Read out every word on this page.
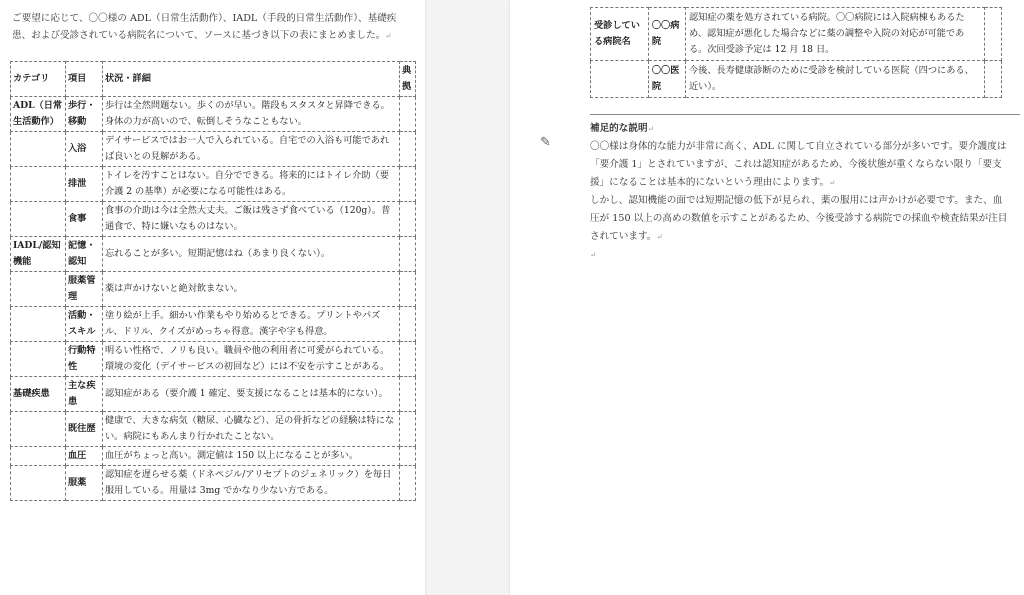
ご要望に応じて、〇〇様の ADL（日常生活動作）、IADL（手段的日常生活動作）、基礎疾患、および受診されている病院名について、ソースに基づき以下の表にまとめました。↵
カテゴリ	項目	状況・詳細	典拠
ADL（日常生活動作）	歩行・移動	歩行は全然問題ない。歩くのが早い。階段もスタスタと昇降できる。身体の力が高いので、転倒しそうなこともない。	
	入浴	デイサービスではお一人で入られている。自宅での入浴も可能であれば良いとの見解がある。	
	排泄	トイレを汚すことはない。自分でできる。将来的にはトイレ介助（要介護 2 の基準）が必要になる可能性はある。	
	食事	食事の介助は今は全然大丈夫。ご飯は残さず食べている（120g）。普通食で、特に嫌いなものはない。	
IADL/認知機能	記憶・認知	忘れることが多い。短期記憶はね（あまり良くない）。	
	服薬管理	薬は声かけないと絶対飲まない。	
	活動・スキル	塗り絵が上手。細かい作業もやり始めるとできる。プリントやパズル、ドリル、クイズがめっちゃ得意。漢字や字も得意。	
	行動特性	明るい性格で、ノリも良い。職員や他の利用者に可愛がられている。環境の変化（デイサービスの初回など）には不安を示すことがある。	
基礎疾患	主な疾患	認知症がある（要介護 1 確定、要支援になることは基本的にない）。	
	既往歴	健康で、大きな病気（糖尿、心臓など）、足の骨折などの経験は特にない。病院にもあんまり行かれたことない。	
	血圧	血圧がちょっと高い。測定値は 150 以上になることが多い。	
	服薬	認知症を遅らせる薬（ドネペジル/アリセプトのジェネリック）を毎日服用している。用量は 3mg でかなり少ない方である。	
受診している病院名	〇〇病院	認知症の薬を処方されている病院。〇〇病院には入院病棟もあるため、認知症が悪化した場合などに薬の調整や入院の対応が可能である。次回受診予定は 12 月 18 日。	
	〇〇医院	今後、長寿健康診断のために受診を検討している医院（四つにある、近い）。	
✎
補足的な説明↵
〇〇様は身体的な能力が非常に高く、ADL に関して自立されている部分が多いです。要介護度は「要介護 1」とされていますが、これは認知症があるため、今後状態が重くならない限り「要支援」になることは基本的にないという理由によります。↵
しかし、認知機能の面では短期記憶の低下が見られ、薬の服用には声かけが必要です。また、血圧が 150 以上の高めの数値を示すことがあるため、今後受診する病院での採血や検査結果が注目されています。↵
↵
